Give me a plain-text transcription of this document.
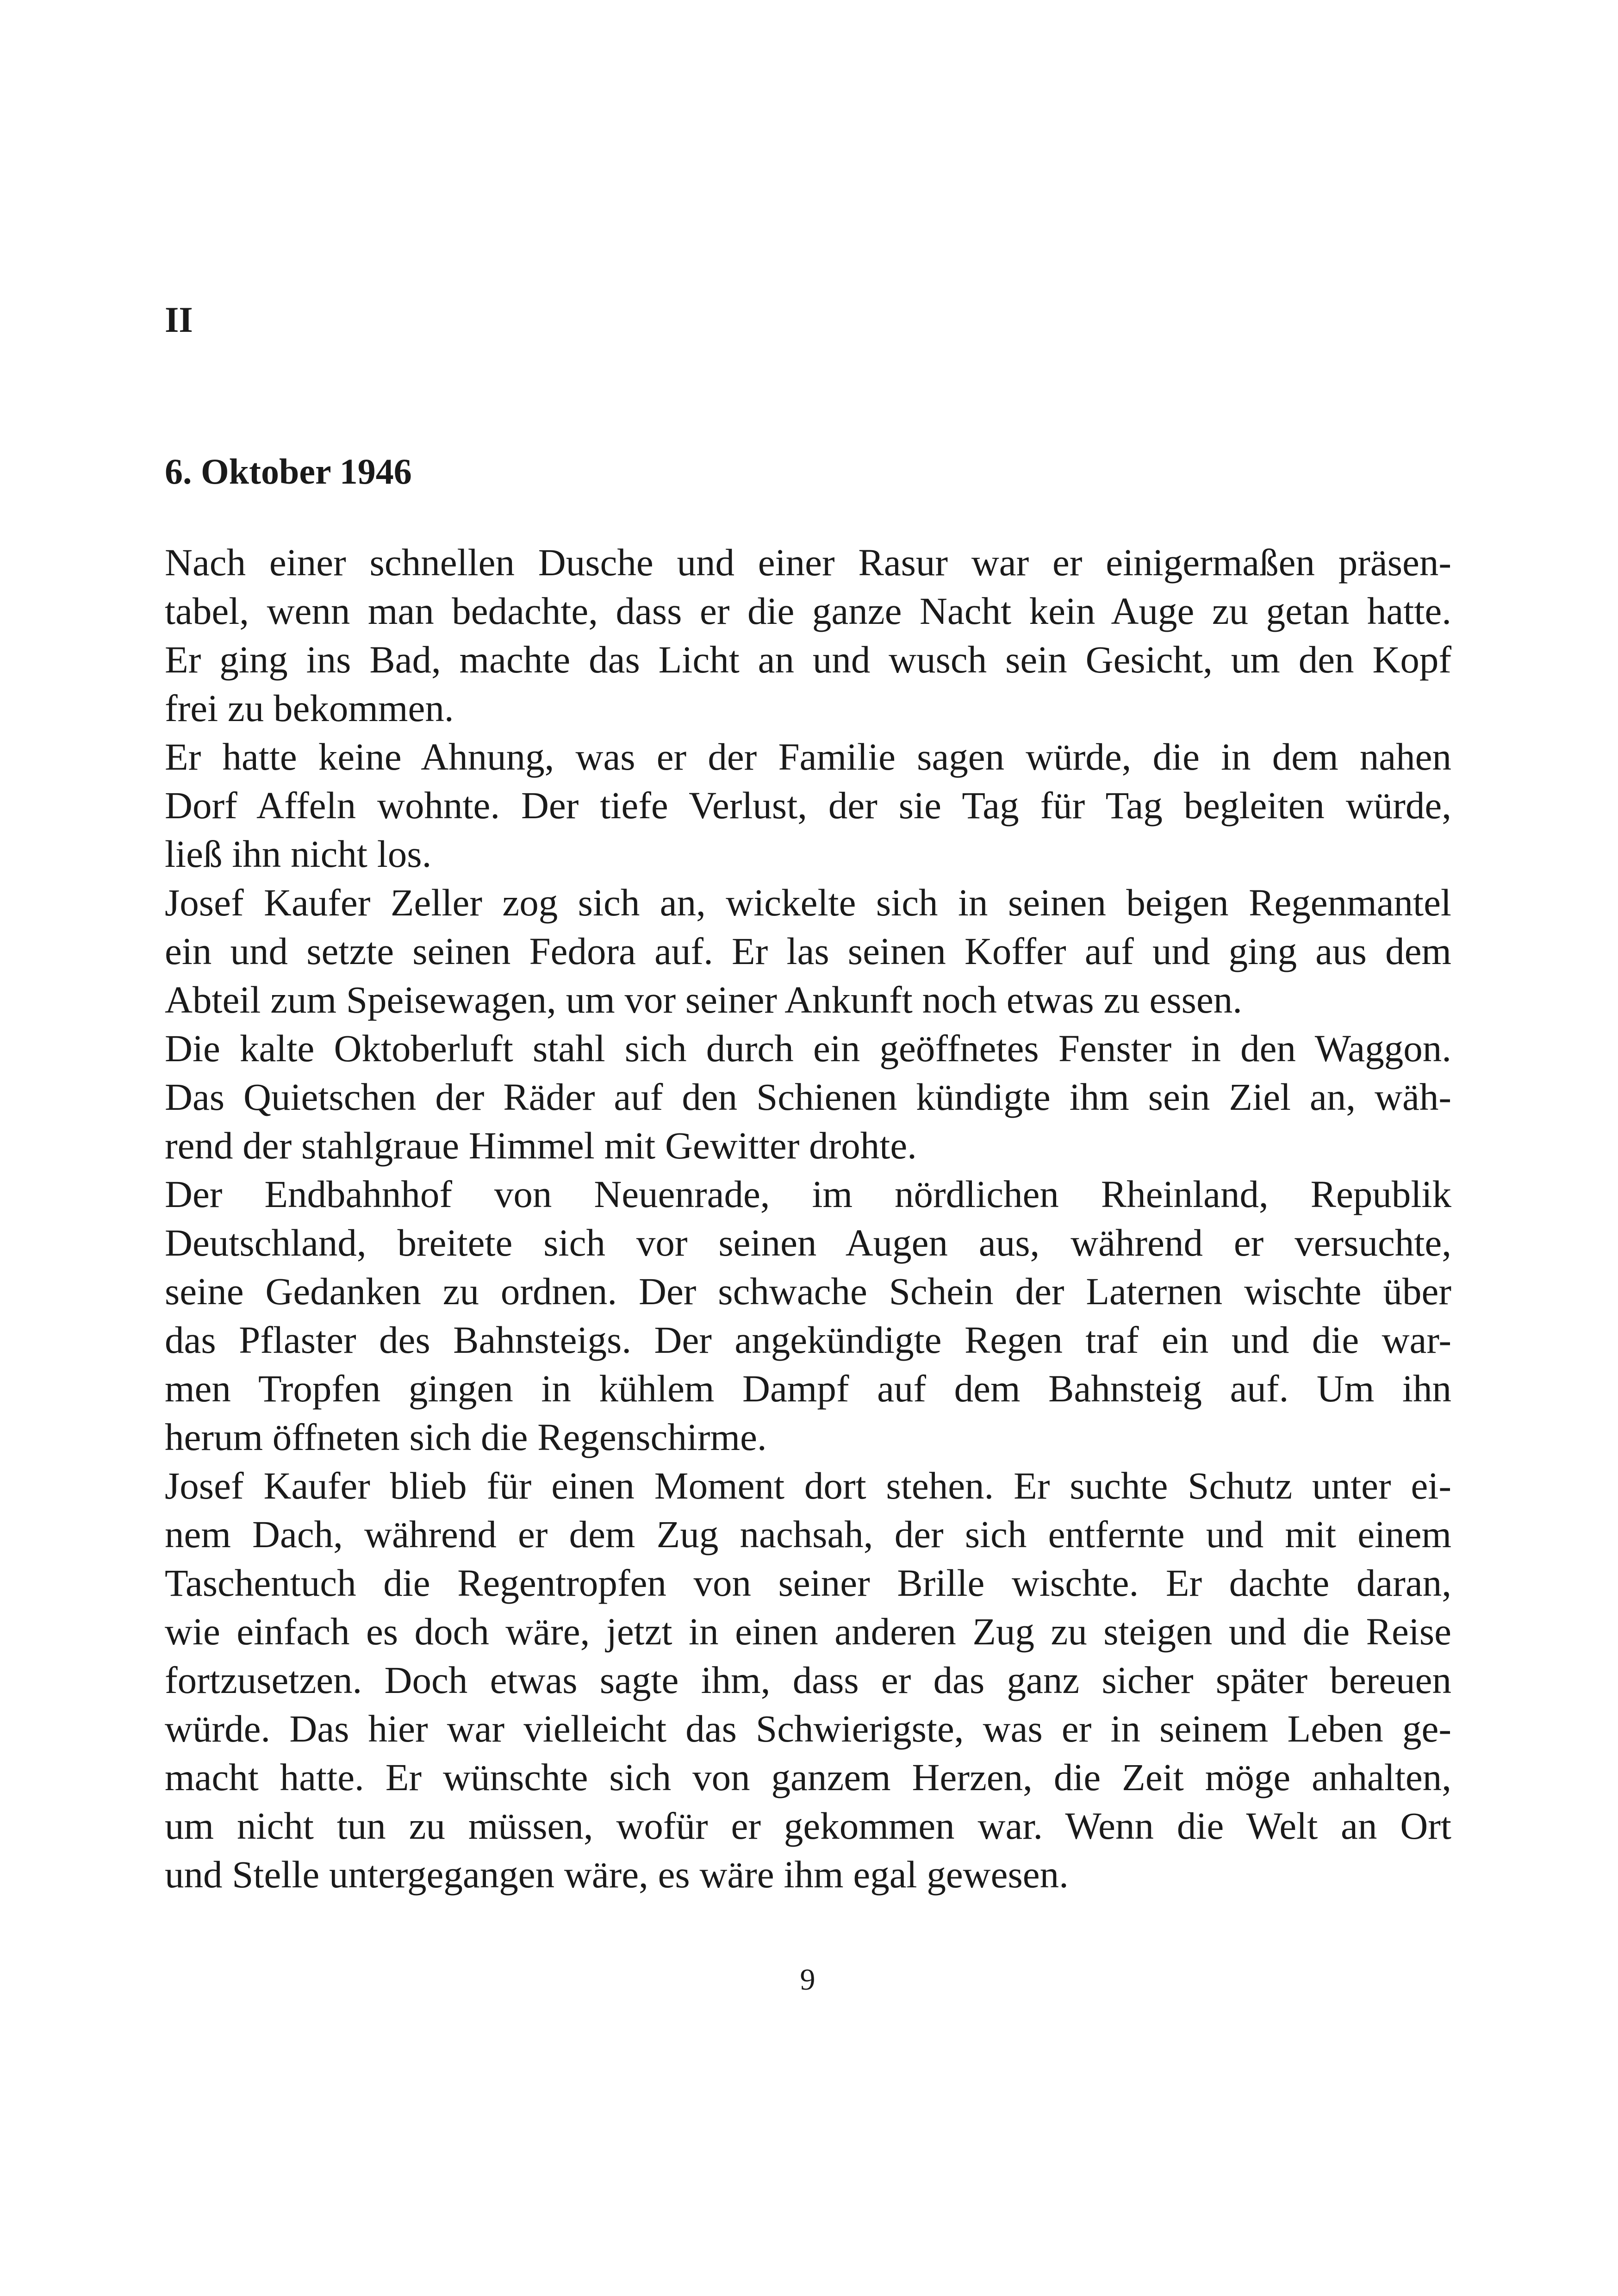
II
6. Oktober 1946
Nach einer schnellen Dusche und einer Rasur war er einigermaßen präsen-
tabel, wenn man bedachte, dass er die ganze Nacht kein Auge zu getan hatte.
Er ging ins Bad, machte das Licht an und wusch sein Gesicht, um den Kopf
frei zu bekommen.
Er hatte keine Ahnung, was er der Familie sagen würde, die in dem nahen
Dorf Affeln wohnte. Der tiefe Verlust, der sie Tag für Tag begleiten würde,
ließ ihn nicht los.
Josef Kaufer Zeller zog sich an, wickelte sich in seinen beigen Regenmantel
ein und setzte seinen Fedora auf. Er las seinen Koffer auf und ging aus dem
Abteil zum Speisewagen, um vor seiner Ankunft noch etwas zu essen.
Die kalte Oktoberluft stahl sich durch ein geöffnetes Fenster in den Waggon.
Das Quietschen der Räder auf den Schienen kündigte ihm sein Ziel an, wäh-
rend der stahlgraue Himmel mit Gewitter drohte.
Der Endbahnhof von Neuenrade, im nördlichen Rheinland, Republik
Deutschland, breitete sich vor seinen Augen aus, während er versuchte,
seine Gedanken zu ordnen. Der schwache Schein der Laternen wischte über
das Pflaster des Bahnsteigs. Der angekündigte Regen traf ein und die war-
men Tropfen gingen in kühlem Dampf auf dem Bahnsteig auf. Um ihn
herum öffneten sich die Regenschirme.
Josef Kaufer blieb für einen Moment dort stehen. Er suchte Schutz unter ei-
nem Dach, während er dem Zug nachsah, der sich entfernte und mit einem
Taschentuch die Regentropfen von seiner Brille wischte. Er dachte daran,
wie einfach es doch wäre, jetzt in einen anderen Zug zu steigen und die Reise
fortzusetzen. Doch etwas sagte ihm, dass er das ganz sicher später bereuen
würde. Das hier war vielleicht das Schwierigste, was er in seinem Leben ge-
macht hatte. Er wünschte sich von ganzem Herzen, die Zeit möge anhalten,
um nicht tun zu müssen, wofür er gekommen war. Wenn die Welt an Ort
und Stelle untergegangen wäre, es wäre ihm egal gewesen.
9
